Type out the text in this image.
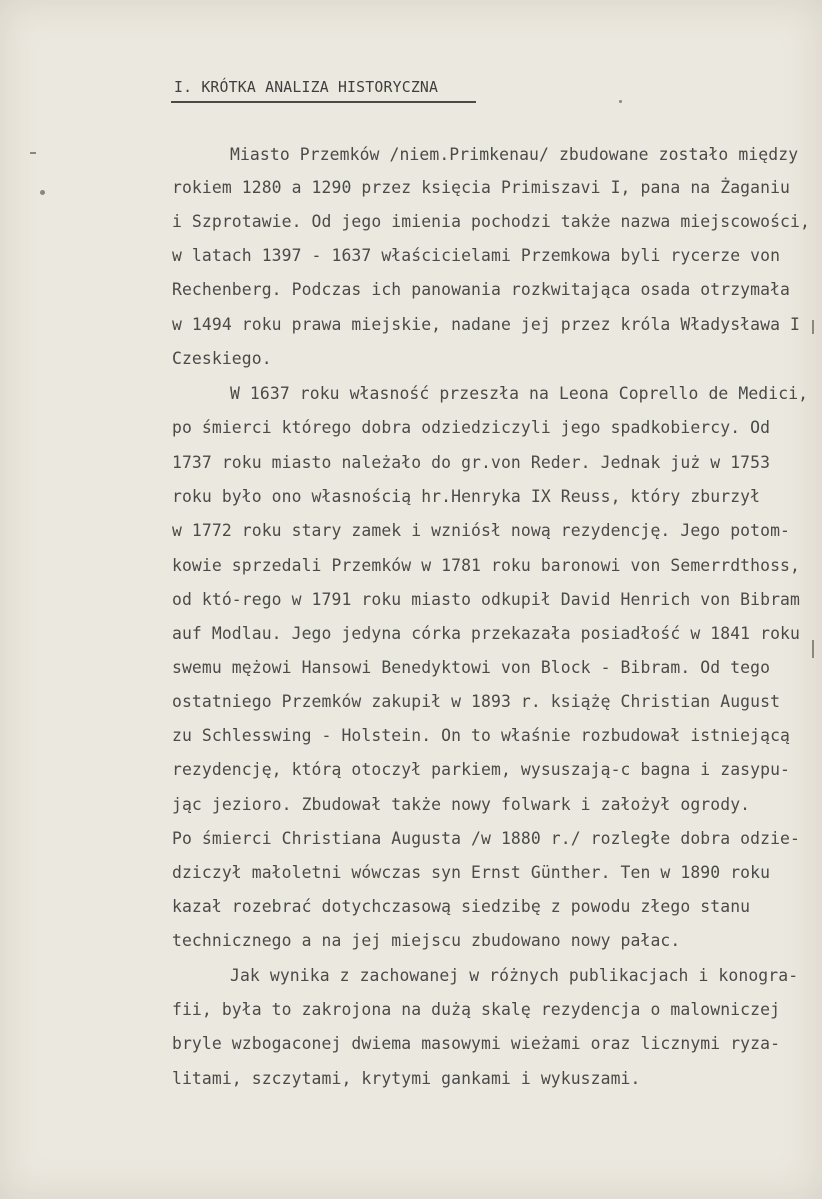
I. KRÓTKA ANALIZA HISTORYCZNA
Miasto Przemków /niem.Primkenau/ zbudowane zostało między
rokiem 1280 a 1290 przez księcia Primiszavi I, pana na Żaganiu
i Szprotawie. Od jego imienia pochodzi także nazwa miejscowości,
w latach 1397 - 1637 właścicielami Przemkowa byli rycerze von
Rechenberg. Podczas ich panowania rozkwitająca osada otrzymała
w 1494 roku prawa miejskie, nadane jej przez króla Władysława I
Czeskiego.
W 1637 roku własność przeszła na Leona Coprello de Medici,
po śmierci którego dobra odziedziczyli jego spadkobiercy. Od
1737 roku miasto należało do gr.von Reder. Jednak już w 1753
roku było ono własnością hr.Henryka IX Reuss, który zburzył
w 1772 roku stary zamek i wzniósł nową rezydencję. Jego potom-
kowie sprzedali Przemków w 1781 roku baronowi von Semerrdthoss,
od któ-rego w 1791 roku miasto odkupił David Henrich von Bibram
auf Modlau. Jego jedyna córka przekazała posiadłość w 1841 roku
swemu mężowi Hansowi Benedyktowi von Block - Bibram. Od tego
ostatniego Przemków zakupił w 1893 r. książę Christian August
zu Schlesswing - Holstein. On to właśnie rozbudował istniejącą
rezydencję, którą otoczył parkiem, wysuszają-c bagna i zasypu-
jąc jezioro. Zbudował także nowy folwark i założył ogrody.
Po śmierci Christiana Augusta /w 1880 r./ rozległe dobra odzie-
dziczył małoletni wówczas syn Ernst Günther. Ten w 1890 roku
kazał rozebrać dotychczasową siedzibę z powodu złego stanu
technicznego a na jej miejscu zbudowano nowy pałac.
Jak wynika z zachowanej w różnych publikacjach i konogra-
fii, była to zakrojona na dużą skalę rezydencja o malowniczej
bryle wzbogaconej dwiema masowymi wieżami oraz licznymi ryza-
litami, szczytami, krytymi gankami i wykuszami.
